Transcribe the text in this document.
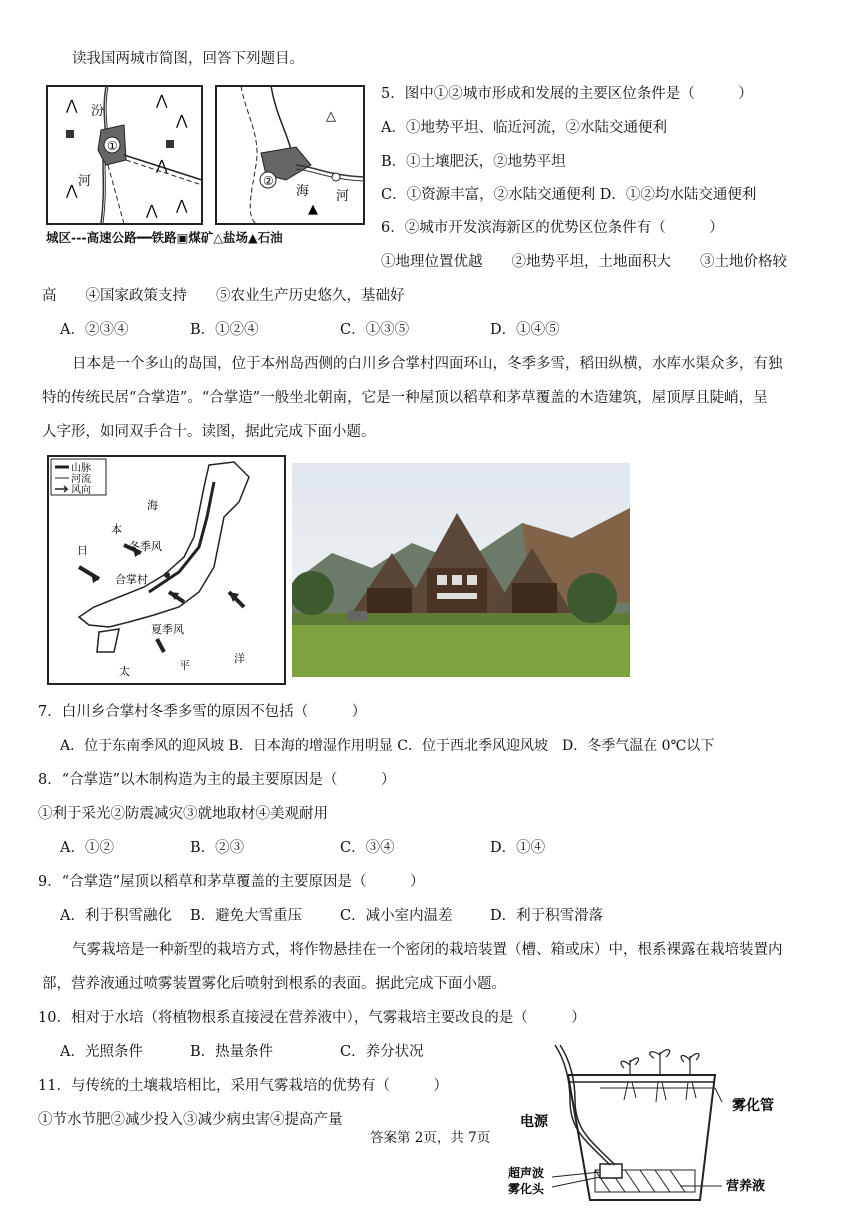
读我国两城市简图，回答下列题目。
⋀	⋀
⋀
⋀
⋀
⋀
⋀
①
汾
河
△
▲
②
海 河
城区---高速公路━━铁路▣煤矿△盐场▲石油
5．图中①②城市形成和发展的主要区位条件是（　　　）
A．①地势平坦、临近河流，②水陆交通便利
B．①土壤肥沃，②地势平坦
C．①资源丰富，②水陆交通便利 D．①②均水陆交通便利
6．②城市开发滨海新区的优势区位条件有（　　　）
①地理位置优越　　②地势平坦，土地面积大　　③土地价格较
高　　④国家政策支持　　⑤农业生产历史悠久，基础好
A．②③④	B．①②④	C．①③⑤	D．①④⑤
日本是一个多山的岛国，位于本州岛西侧的白川乡合掌村四面环山，冬季多雪，稻田纵横，水库水渠众多，有独
特的传统民居“合掌造”。“合掌造”一般坐北朝南，它是一种屋顶以稻草和茅草覆盖的木造建筑，屋顶厚且陡峭，呈
人字形，如同双手合十。读图，据此完成下面小题。
山脉
河流
风向
海
本
日	冬季风
合掌村
夏季风
太	平
洋
7．白川乡合掌村冬季多雪的原因不包括（　　　）
A．位于东南季风的迎风坡 B．日本海的增湿作用明显 C．位于西北季风迎风坡　D．冬季气温在 0℃以下
8．“合掌造”以木制构造为主的最主要原因是（　　　）
①利于采光②防震减灾③就地取材④美观耐用
A．①②	B．②③	C．③④	D．①④
9．“合掌造”屋顶以稻草和茅草覆盖的主要原因是（　　　）
A．利于积雪融化 B．避免大雪重压	C．减小室内温差	D．利于积雪滑落
气雾栽培是一种新型的栽培方式，将作物悬挂在一个密闭的栽培装置（槽、箱或床）中，根系裸露在栽培装置内
部，营养液通过喷雾装置雾化后喷射到根系的表面。据此完成下面小题。
10．相对于水培（将植物根系直接浸在营养液中），气雾栽培主要改良的是（　　　）
A．光照条件	B．热量条件	C．养分状况
11．与传统的土壤栽培相比，采用气雾栽培的优势有（　　　）
①节水节肥②减少投入③减少病虫害④提高产量	电源
雾化管
超声波
雾化头	营养液
答案第 2页，共 7页
